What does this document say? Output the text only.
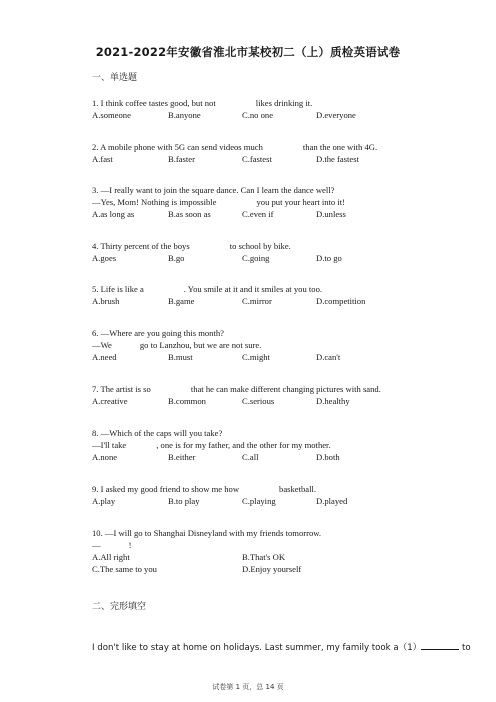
2021-2022年安徽省淮北市某校初二（上）质检英语试卷
一、单选题
1. I think coffee tastes good, but not	likes drinking it.
A.someone	B.anyone	C.no one	D.everyone
2. A mobile phone with 5G can send videos much	than the one with 4G.
A.fast	B.faster	C.fastest	D.the fastest
3. —I really want to join the square dance. Can I learn the dance well?
—Yes, Mom! Nothing is impossible	you put your heart into it!
A.as long as	B.as soon as	C.even if	D.unless
4. Thirty percent of the boys	to school by bike.
A.goes	B.go	C.going	D.to go
5. Life is like a	. You smile at it and it smiles at you too.
A.brush	B.game	C.mirror	D.competition
6. —Where are you going this month?
—We	go to Lanzhou, but we are not sure.
A.need	B.must	C.might	D.can't
7. The artist is so	that he can make different changing pictures with sand.
A.creative	B.common	C.serious	D.healthy
8. —Which of the caps will you take?
—I'll take	, one is for my father, and the other for my mother.
A.none	B.either	C.all	D.both
9. I asked my good friend to show me how	basketball.
A.play	B.to play	C.playing	D.played
10. —I will go to Shanghai Disneyland with my friends tomorrow.
—	!
A.All right	B.That's OK
C.The same to you	D.Enjoy yourself
二、完形填空
I don't like to stay at home on holidays. Last summer, my family took a（1）	to
试卷第 1 页，总 14 页
